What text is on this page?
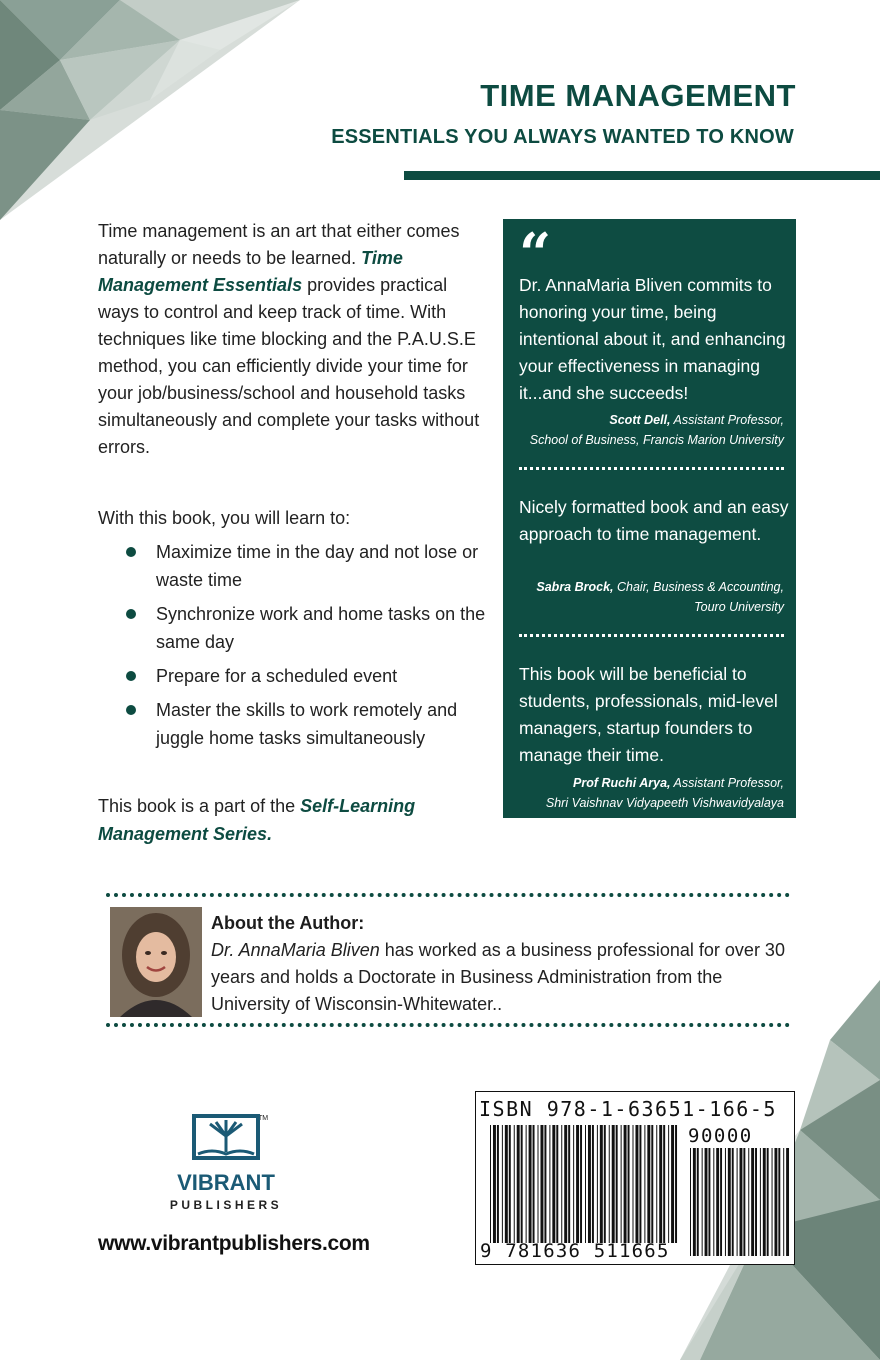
TIME MANAGEMENT
ESSENTIALS YOU ALWAYS WANTED TO KNOW
Time management is an art that either comes naturally or needs to be learned. Time Management Essentials provides practical ways to control and keep track of time. With techniques like time blocking and the P.A.U.S.E method, you can efficiently divide your time for your job/business/school and household tasks simultaneously and complete your tasks without errors.
With this book, you will learn to:
Maximize time in the day and not lose or waste time
Synchronize work and home tasks on the same day
Prepare for a scheduled event
Master the skills to work remotely and juggle home tasks simultaneously
This book is a part of the Self-Learning Management Series.
“
Dr. AnnaMaria Bliven commits to honoring your time, being intentional about it, and enhancing your effectiveness in managing it...and she succeeds!
Scott Dell, Assistant Professor,
School of Business, Francis Marion University
Nicely formatted book and an easy approach to time management.
Sabra Brock, Chair, Business & Accounting,
Touro University
This book will be beneficial to students, professionals, mid-level managers, startup founders to manage their time.
Prof Ruchi Arya, Assistant Professor,
Shri Vaishnav Vidyapeeth Vishwavidyalaya
About the Author:
Dr. AnnaMaria Bliven has worked as a business professional for over 30 years and holds a Doctorate in Business Administration from the University of Wisconsin-Whitewater..
TM
VIBRANT
PUBLISHERS
www.vibrantpublishers.com
ISBN 978-1-63651-166-5
90000
9 781636 511665
